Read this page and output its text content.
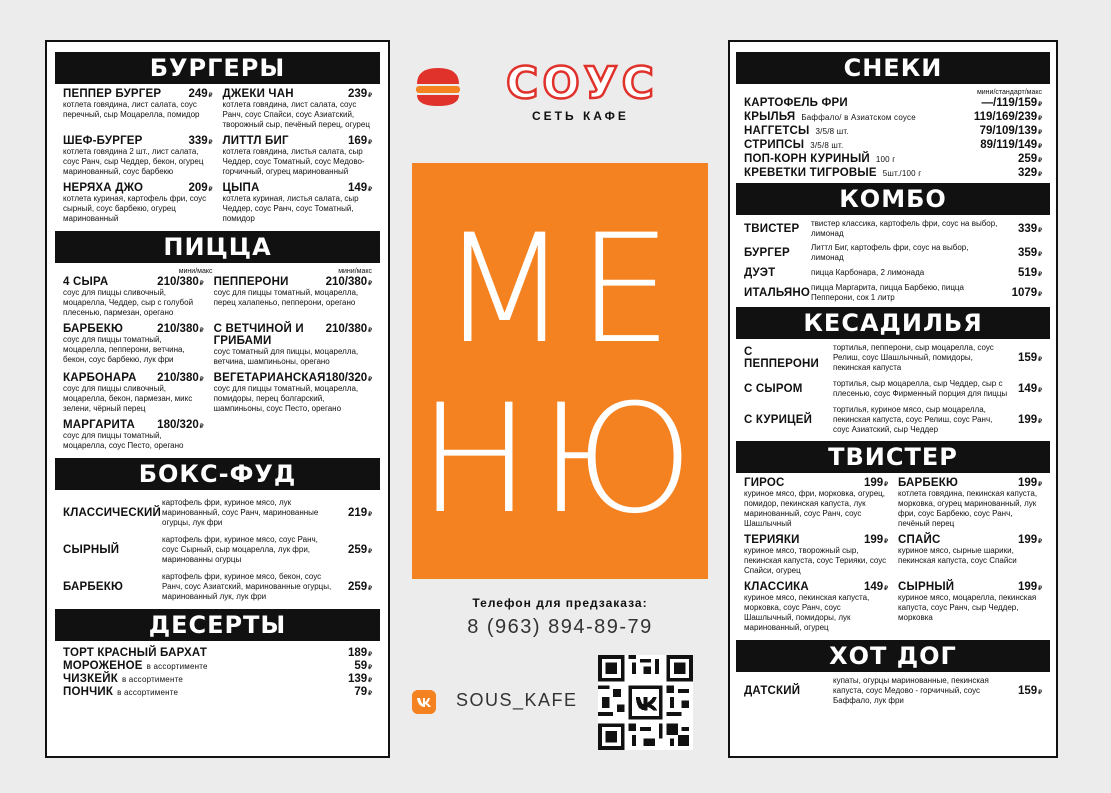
БУРГЕРЫ
ПЕППЕР БУРГЕР 249₽
котлета говядина, лист салата, соус перечный, сыр Моцарелла, помидор
ДЖЕКИ ЧАН	239₽
котлета говядина, лист салата, соус Ранч, соус Спайси, соус Азиатский, творожный сыр, печёный перец, огурец
ШЕФ-БУРГЕР	339₽
котлета говядина 2 шт., лист салата, соус Ранч, сыр Чеддер, бекон, огурец маринованный, соус барбекю
ЛИТТЛ БИГ	169₽
котлета говядина, листья салата, сыр Чеддер, соус Томатный, соус Медово-горчичный, огурец маринованный
НЕРЯХА ДЖО	209₽
котлета куриная, картофель фри, соус сырный, соус барбекю, огурец маринованный
ЦЫПА	149₽
котлета куриная, листья салата, сыр Чеддер, соус Ранч, соус Томатный, помидор
ПИЦЦА
мини/макс	мини/макс
4 СЫРА	210/380₽
соус для пиццы сливочный, моцарелла, Чеддер, сыр с голубой плесенью, пармезан, орегано
ПЕППЕРОНИ	210/380₽
соус для пиццы томатный, моцарелла, перец халапеньо, пепперони, орегано
БАРБЕКЮ	210/380₽
соус для пиццы томатный, моцарелла, пепперони, ветчина, бекон, соус барбекю, лук фри
С ВЕТЧИНОЙ И ГРИБАМИ
210/380₽
соус томатный для пиццы, моцарелла, ветчина, шампиньоны, орегано
КАРБОНАРА 210/380₽
соус для пиццы сливочный, моцарелла, бекон, пармезан, микс зелени, чёрный перец
ВЕГЕТАРИАНСКАЯ 180/320₽
соус для пиццы томатный, моцарелла, помидоры, перец болгарский, шампиньоны, соус Песто, орегано
МАРГАРИТА 180/320₽
соус для пиццы томатный, моцарелла, соус Песто, орегано
БОКС-ФУД
КЛАССИЧЕСКИЙ
картофель фри, куриное мясо, лук маринованный, соус Ранч, маринованные огурцы, лук фри
219₽
СЫРНЫЙ
картофель фри, куриное мясо, соус Ранч, соус Сырный, сыр моцарелла, лук фри, маринованны огурцы
259₽
БАРБЕКЮ
картофель фри, куриное мясо, бекон, соус Ранч, соус Азиатский, маринованные огурцы, маринованный лук, лук фри
259₽
ДЕСЕРТЫ
ТОРТ КРАСНЫЙ БАРХАТ	189₽
МОРОЖЕНОЕ в ассортименте	59₽
ЧИЗКЕЙК в ассортименте	139₽
ПОНЧИК в ассортименте	79₽
СОУС
СЕТЬ КАФЕ
МЕ
НЮ
Телефон для предзаказа:
8 (963) 894-89-79
SOUS_KAFE
СНЕКИ
мини/стандарт/макс
КАРТОФЕЛЬ ФРИ	—/119/159₽
КРЫЛЬЯ Баффало/ в Азиатском соусе	119/169/239₽
НАГГЕТСЫ 3/5/8 шт.	79/109/139₽
СТРИПСЫ 3/5/8 шт.	89/119/149₽
ПОП-КОРН КУРИНЫЙ 100 г	259₽
КРЕВЕТКИ ТИГРОВЫЕ 5шт./100 г	329₽
КОМБО
ТВИСТЕР	твистер классика, картофель фри, соус на выбор, лимонад	339₽
БУРГЕР	Литтл Биг, картофель фри, соус на выбор, лимонад	359₽
ДУЭТ	пицца Карбонара, 2 лимонада	519₽
ИТАЛЬЯНО пицца Маргарита, пицца Барбекю, пицца Пепперони, сок 1 литр	1079₽
КЕСАДИЛЬЯ
С ПЕППЕРОНИ
тортилья, пепперони, сыр моцарелла, соус Релиш, соус Шашлычный, помидоры, пекинская капуста
159₽
С СЫРОМ	тортилья, сыр моцарелла, сыр Чеддер, сыр с плесенью, соус Фирменный порция для пиццы 149₽
С КУРИЦЕЙ
тортилья, куриное мясо, сыр моцарелла, пекинская капуста, соус Релиш, соус Ранч, соус Азиатский, сыр Чеддер
199₽
ТВИСТЕР
ГИРОС	199₽
куриное мясо, фри, морковка, огурец, помидор, пекинская капуста, лук маринованный, соус Ранч, соус Шашлычный
БАРБЕКЮ	199₽
котлета говядина, пекинская капуста, морковка, огурец маринованный, лук фри, соус Барбекю, соус Ранч, печёный перец
ТЕРИЯКИ	199₽
куриное мясо, творожный сыр, пекинская капуста, соус Терияки, соус Спайси, огурец
СПАЙС	199₽
куриное мясо, сырные шарики, пекинская капуста, соус Спайси
КЛАССИКА	149₽
куриное мясо, пекинская капуста, морковка, соус Ранч, соус Шашлычный, помидоры, лук маринованный, огурец
СЫРНЫЙ	199₽
куриное мясо, моцарелла, пекинская капуста, соус Ранч, сыр Чеддер, морковка
ХОТ ДОГ
ДАТСКИЙ
купаты, огурцы маринованные, пекинская капуста, соус Медово - горчичный, соус Баффало, лук фри
159₽
